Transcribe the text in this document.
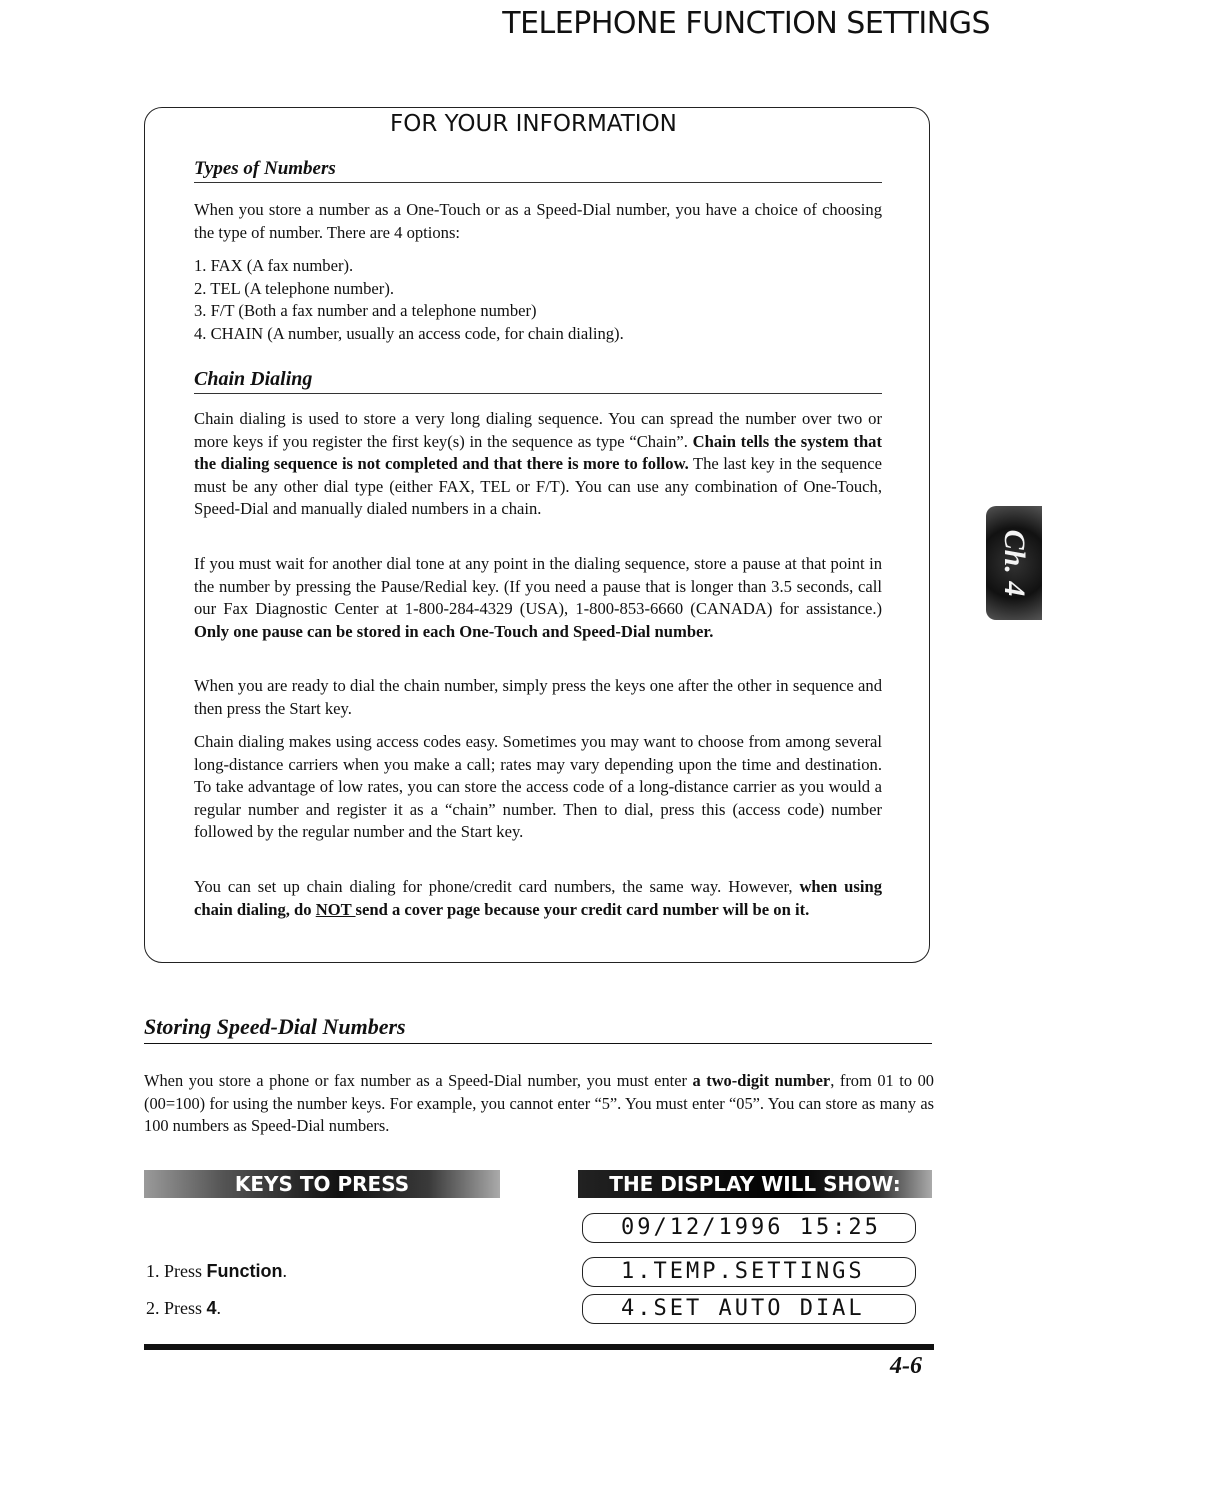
TELEPHONE FUNCTION SETTINGS
FOR YOUR INFORMATION
Types of Numbers

When you store a number as a One-Touch or as a Speed-Dial number, you have a choice of choosing the type of number. There are 4 options:

1. FAX (A fax number).
2. TEL (A telephone number).
3. F/T (Both a fax number and a telephone number)
4. CHAIN (A number, usually an access code, for chain dialing).
Chain Dialing

Chain dialing is used to store a very long dialing sequence. You can spread the number over two or more keys if you register the first key(s) in the sequence as type “Chain”. Chain tells the system that the dialing sequence is not completed and that there is more to follow. The last key in the sequence must be any other dial type (either FAX, TEL or F/T). You can use any combination of One-Touch, Speed-Dial and manually dialed numbers in a chain.

If you must wait for another dial tone at any point in the dialing sequence, store a pause at that point in the number by pressing the Pause/Redial key. (If you need a pause that is longer than 3.5 seconds, call our Fax Diagnostic Center at 1-800-284-4329 (USA), 1-800-853-6660 (CANADA) for assistance.) Only one pause can be stored in each One-Touch and Speed-Dial number.

When you are ready to dial the chain number, simply press the keys one after the other in sequence and then press the Start key.

Chain dialing makes using access codes easy. Sometimes you may want to choose from among several long-distance carriers when you make a call; rates may vary depending upon the time and destination. To take advantage of low rates, you can store the access code of a long-distance carrier as you would a regular number and register it as a “chain” number. Then to dial, press this (access code) number followed by the regular number and the Start key.

You can set up chain dialing for phone/credit card numbers, the same way. However, when using chain dialing, do NOT send a cover page because your credit card number will be on it.

Storing Speed-Dial Numbers

When you store a phone or fax number as a Speed-Dial number, you must enter a two-digit number, from 01 to 00 (00=100) for using the number keys. For example, you cannot enter “5”. You must enter “05”. You can store as many as 100 numbers as Speed-Dial numbers.

KEYS TO PRESS	THE DISPLAY WILL SHOW:
09/12/1996 15:25
1.TEMP.SETTINGS
4.SET AUTO DIAL
1. Press Function.
2. Press 4.
4-6
Ch. 4
